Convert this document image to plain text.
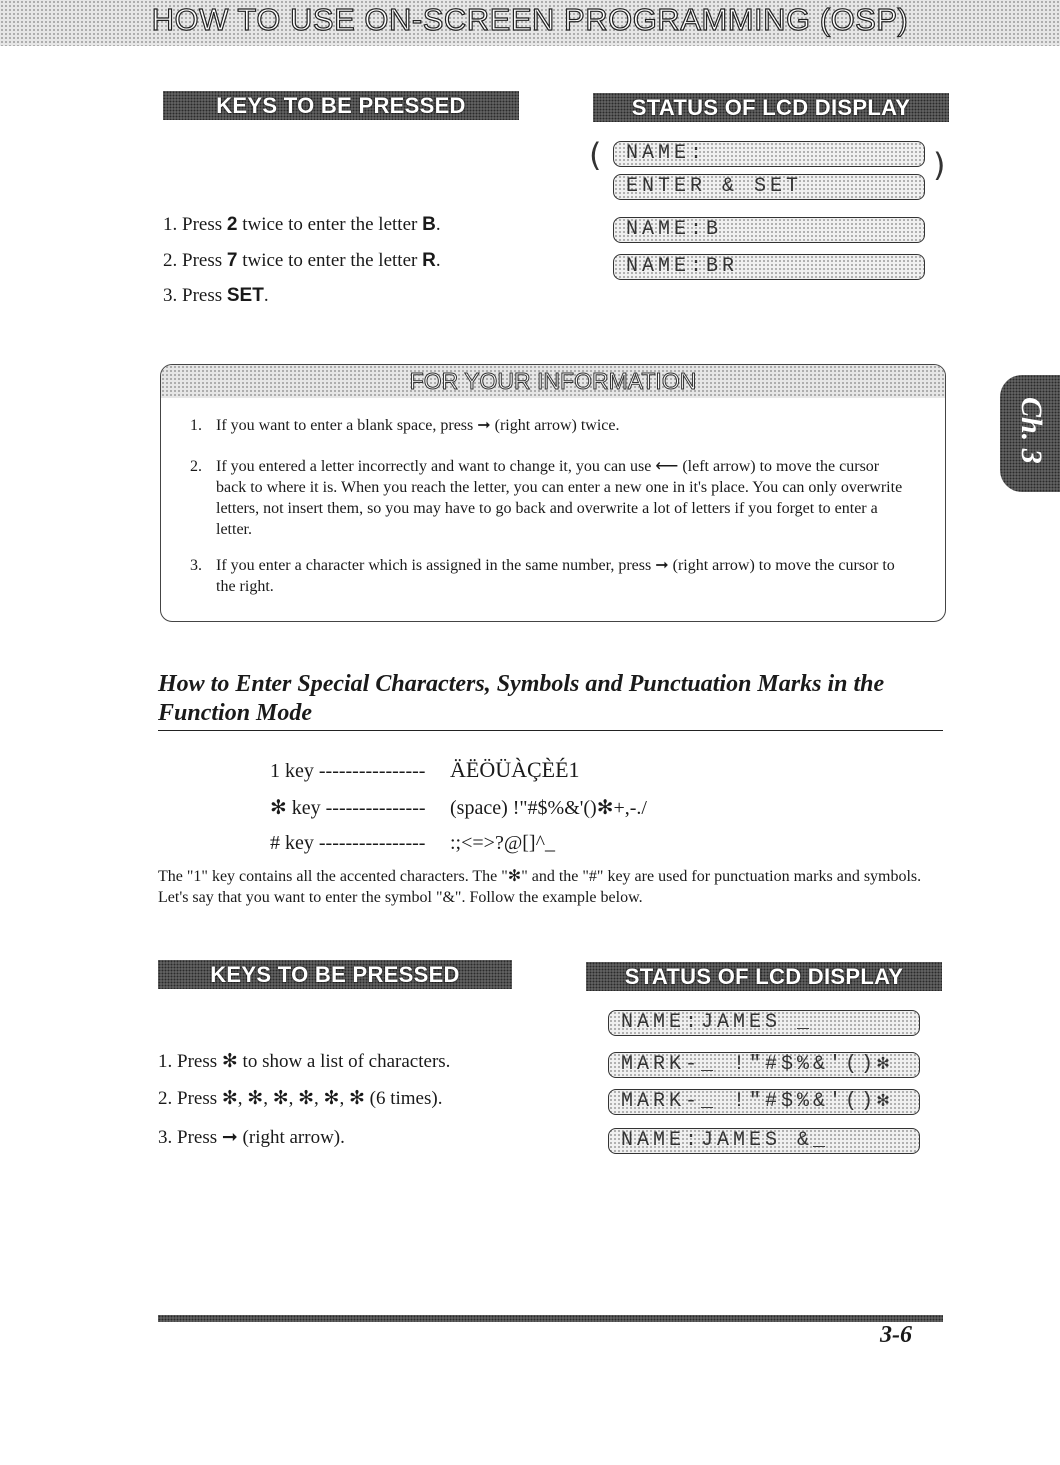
HOW TO USE ON-SCREEN PROGRAMMING (OSP)
KEYS TO BE PRESSED	STATUS OF LCD DISPLAY
(	)
NAME:
ENTER & SET
1. Press 2 twice to enter the letter B.
2. Press 7 twice to enter the letter R.
3. Press SET.
NAME:B
NAME:BR
FOR YOUR INFORMATION
1. If you want to enter a blank space, press ➞ (right arrow) twice.
2. If you entered a letter incorrectly and want to change it, you can use ⟵ (left arrow) to move the cursor back to where it is. When you reach the letter, you can enter a new one in it's place. You can only overwrite letters, not insert them, so you may have to go back and overwrite a lot of letters if you forget to enter a letter.
3. If you enter a character which is assigned in the same number, press ➞ (right arrow) to move the cursor to the right.
Ch. 3
How to Enter Special Characters, Symbols and Punctuation Marks in the Function Mode
1 key ---------------- ÄËÖÜÀÇÈÉ1
✻ key --------------- (space) !"#$%&'()✻+,-./
# key ---------------- :;<=>?@[]^_
The "1" key contains all the accented characters. The "✻" and the "#" key are used for punctuation marks and symbols. Let's say that you want to enter the symbol "&". Follow the example below.
KEYS TO BE PRESSED	STATUS OF LCD DISPLAY
NAME:JAMES _
1. Press ✻ to show a list of characters.
2. Press ✻, ✻, ✻, ✻, ✻, ✻ (6 times).
3. Press ➞ (right arrow).
MARK-_ !"#$%&'()✻
MARK-_ !"#$%&'()✻
NAME:JAMES &_
3-6
